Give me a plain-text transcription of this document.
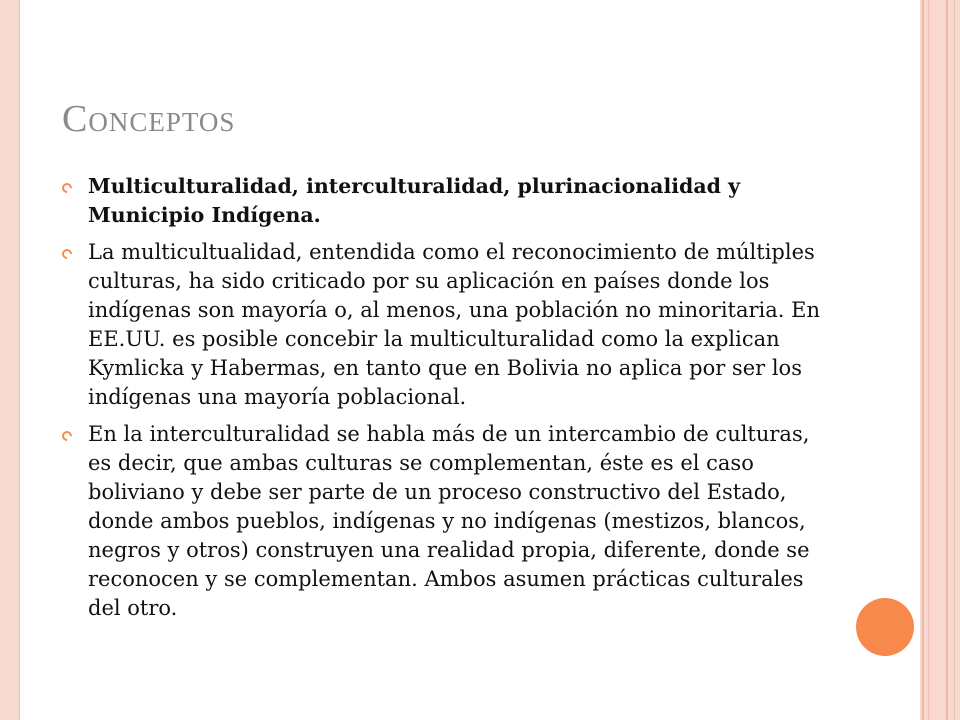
Conceptos
Multiculturalidad, interculturalidad, plurinacionalidad y Municipio Indígena.
La multicultualidad, entendida como el reconocimiento de múltiples culturas, ha sido criticado por su aplicación en países donde los indígenas son mayoría o, al menos, una población no minoritaria. En EE.UU. es posible concebir la multiculturalidad como la explican Kymlicka y Habermas, en tanto que en Bolivia no aplica por ser los indígenas una mayoría poblacional.
En la interculturalidad se habla más de un intercambio de culturas, es decir, que ambas culturas se complementan, éste es el caso boliviano y debe ser parte de un proceso constructivo del Estado, donde ambos pueblos, indígenas y no indígenas (mestizos, blancos, negros y otros) construyen una realidad propia, diferente, donde se reconocen y se complementan. Ambos asumen prácticas culturales del otro.
